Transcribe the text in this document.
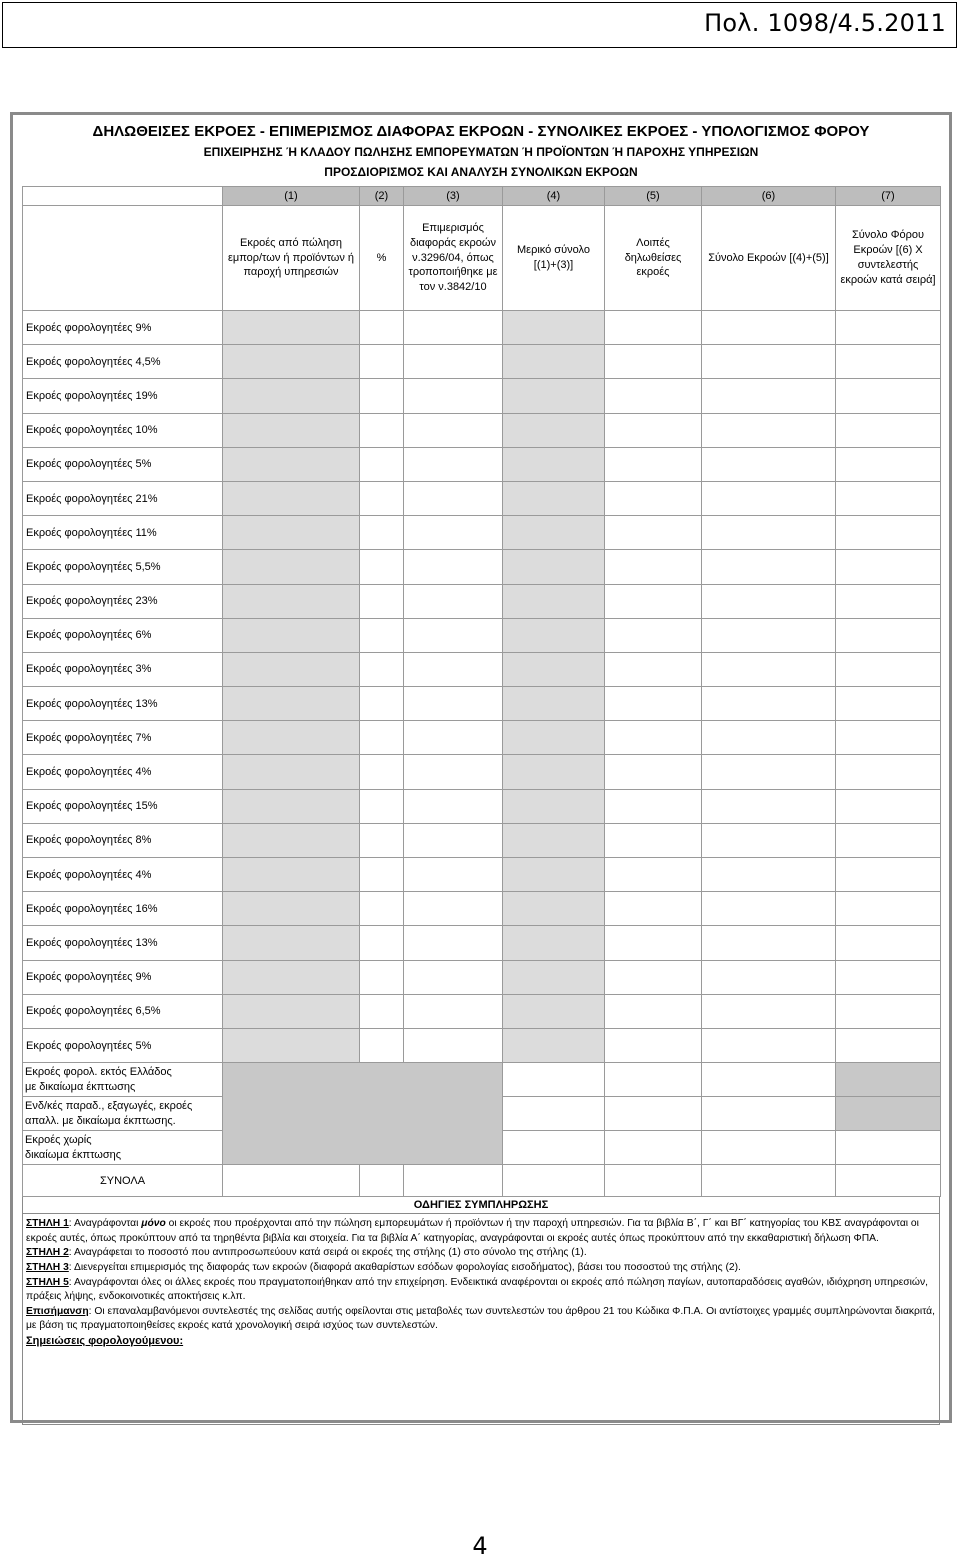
Πολ. 1098/4.5.2011
ΔΗΛΩΘΕΙΣΕΣ ΕΚΡΟΕΣ - ΕΠΙΜΕΡΙΣΜΟΣ ΔΙΑΦΟΡΑΣ ΕΚΡΟΩΝ - ΣΥΝΟΛΙΚΕΣ ΕΚΡΟΕΣ - ΥΠΟΛΟΓΙΣΜΟΣ ΦΟΡΟΥ
ΕΠΙΧΕΙΡΗΣΗΣ Ή ΚΛΑΔΟΥ ΠΩΛΗΣΗΣ ΕΜΠΟΡΕΥΜΑΤΩΝ Ή ΠΡΟΪΟΝΤΩΝ Ή ΠΑΡΟΧΗΣ ΥΠΗΡΕΣΙΩΝ
ΠΡΟΣΔΙΟΡΙΣΜΟΣ ΚΑΙ ΑΝΑΛΥΣΗ ΣΥΝΟΛΙΚΩΝ ΕΚΡΟΩΝ
	(1)	(2)	(3)	(4)	(5)	(6)	(7)
	Εκροές από πώληση εμπορ/των ή προϊόντων ή παροχή υπηρεσιών	%	Επιμερισμός διαφοράς εκροών ν.3296/04, όπως τροποποιήθηκε με τον ν.3842/10	Μερικό σύνολο [(1)+(3)]	Λοιπές δηλωθείσες εκροές	Σύνολο Εκροών [(4)+(5)]	Σύνολο Φόρου Εκροών [(6) Χ συντελεστής εκροών κατά σειρά]
Εκροές φορολογητέες 9%							
Εκροές φορολογητέες 4,5%							
Εκροές φορολογητέες 19%							
Εκροές φορολογητέες 10%							
Εκροές φορολογητέες 5%							
Εκροές φορολογητέες 21%							
Εκροές φορολογητέες 11%							
Εκροές φορολογητέες 5,5%							
Εκροές φορολογητέες 23%							
Εκροές φορολογητέες 6%							
Εκροές φορολογητέες 3%							
Εκροές φορολογητέες 13%							
Εκροές φορολογητέες 7%							
Εκροές φορολογητέες 4%							
Εκροές φορολογητέες 15%							
Εκροές φορολογητέες 8%							
Εκροές φορολογητέες 4%							
Εκροές φορολογητέες 16%							
Εκροές φορολογητέες 13%							
Εκροές φορολογητέες 9%							
Εκροές φορολογητέες 6,5%							
Εκροές φορολογητέες 5%							

Εκροές φορολ. εκτός Ελλάδος
με δικαίωμα έκπτωσης							

Ενδ/κές παραδ., εξαγωγές, εκροές
απαλλ. με δικαίωμα έκπτωσης.							

Εκροές χωρίς
δικαίωμα έκπτωσης							

ΣΥΝΟΛΑ							
ΟΔΗΓΙΕΣ ΣΥΜΠΛΗΡΩΣΗΣ
ΣΤΗΛΗ 1: Αναγράφονται μόνο οι εκροές που προέρχονται από την πώληση εμπορευμάτων ή προϊόντων ή την παροχή υπηρεσιών. Για τα βιβλία Β΄, Γ΄ και ΒΓ΄ κατηγορίας του ΚΒΣ αναγράφονται οι εκροές αυτές, όπως προκύπτουν από τα τηρηθέντα βιβλία και στοιχεία. Για τα βιβλία Α΄ κατηγορίας, αναγράφονται οι εκροές αυτές όπως προκύπτουν από την εκκαθαριστική δήλωση ΦΠΑ.
ΣΤΗΛΗ 2: Αναγράφεται το ποσοστό που αντιπροσωπεύουν κατά σειρά οι εκροές της στήλης (1) στο σύνολο της στήλης (1).
ΣΤΗΛΗ 3: Διενεργείται επιμερισμός της διαφοράς των εκροών (διαφορά ακαθαρίστων εσόδων φορολογίας εισοδήματος), βάσει του ποσοστού της στήλης (2).
ΣΤΗΛΗ 5: Αναγράφονται όλες οι άλλες εκροές που πραγματοποιήθηκαν από την επιχείρηση. Ενδεικτικά αναφέρονται οι εκροές από πώληση παγίων, αυτοπαραδόσεις αγαθών, ιδιόχρηση υπηρεσιών, πράξεις λήψης, ενδοκοινοτικές αποκτήσεις κ.λπ.
Επισήμανση: Οι επαναλαμβανόμενοι συντελεστές της σελίδας αυτής οφείλονται στις μεταβολές των συντελεστών του άρθρου 21 του Κώδικα Φ.Π.Α. Οι αντίστοιχες γραμμές συμπληρώνονται διακριτά, με βάση τις πραγματοποιηθείσες εκροές κατά χρονολογική σειρά ισχύος των συντελεστών.
Σημειώσεις φορολογούμενου:
4
